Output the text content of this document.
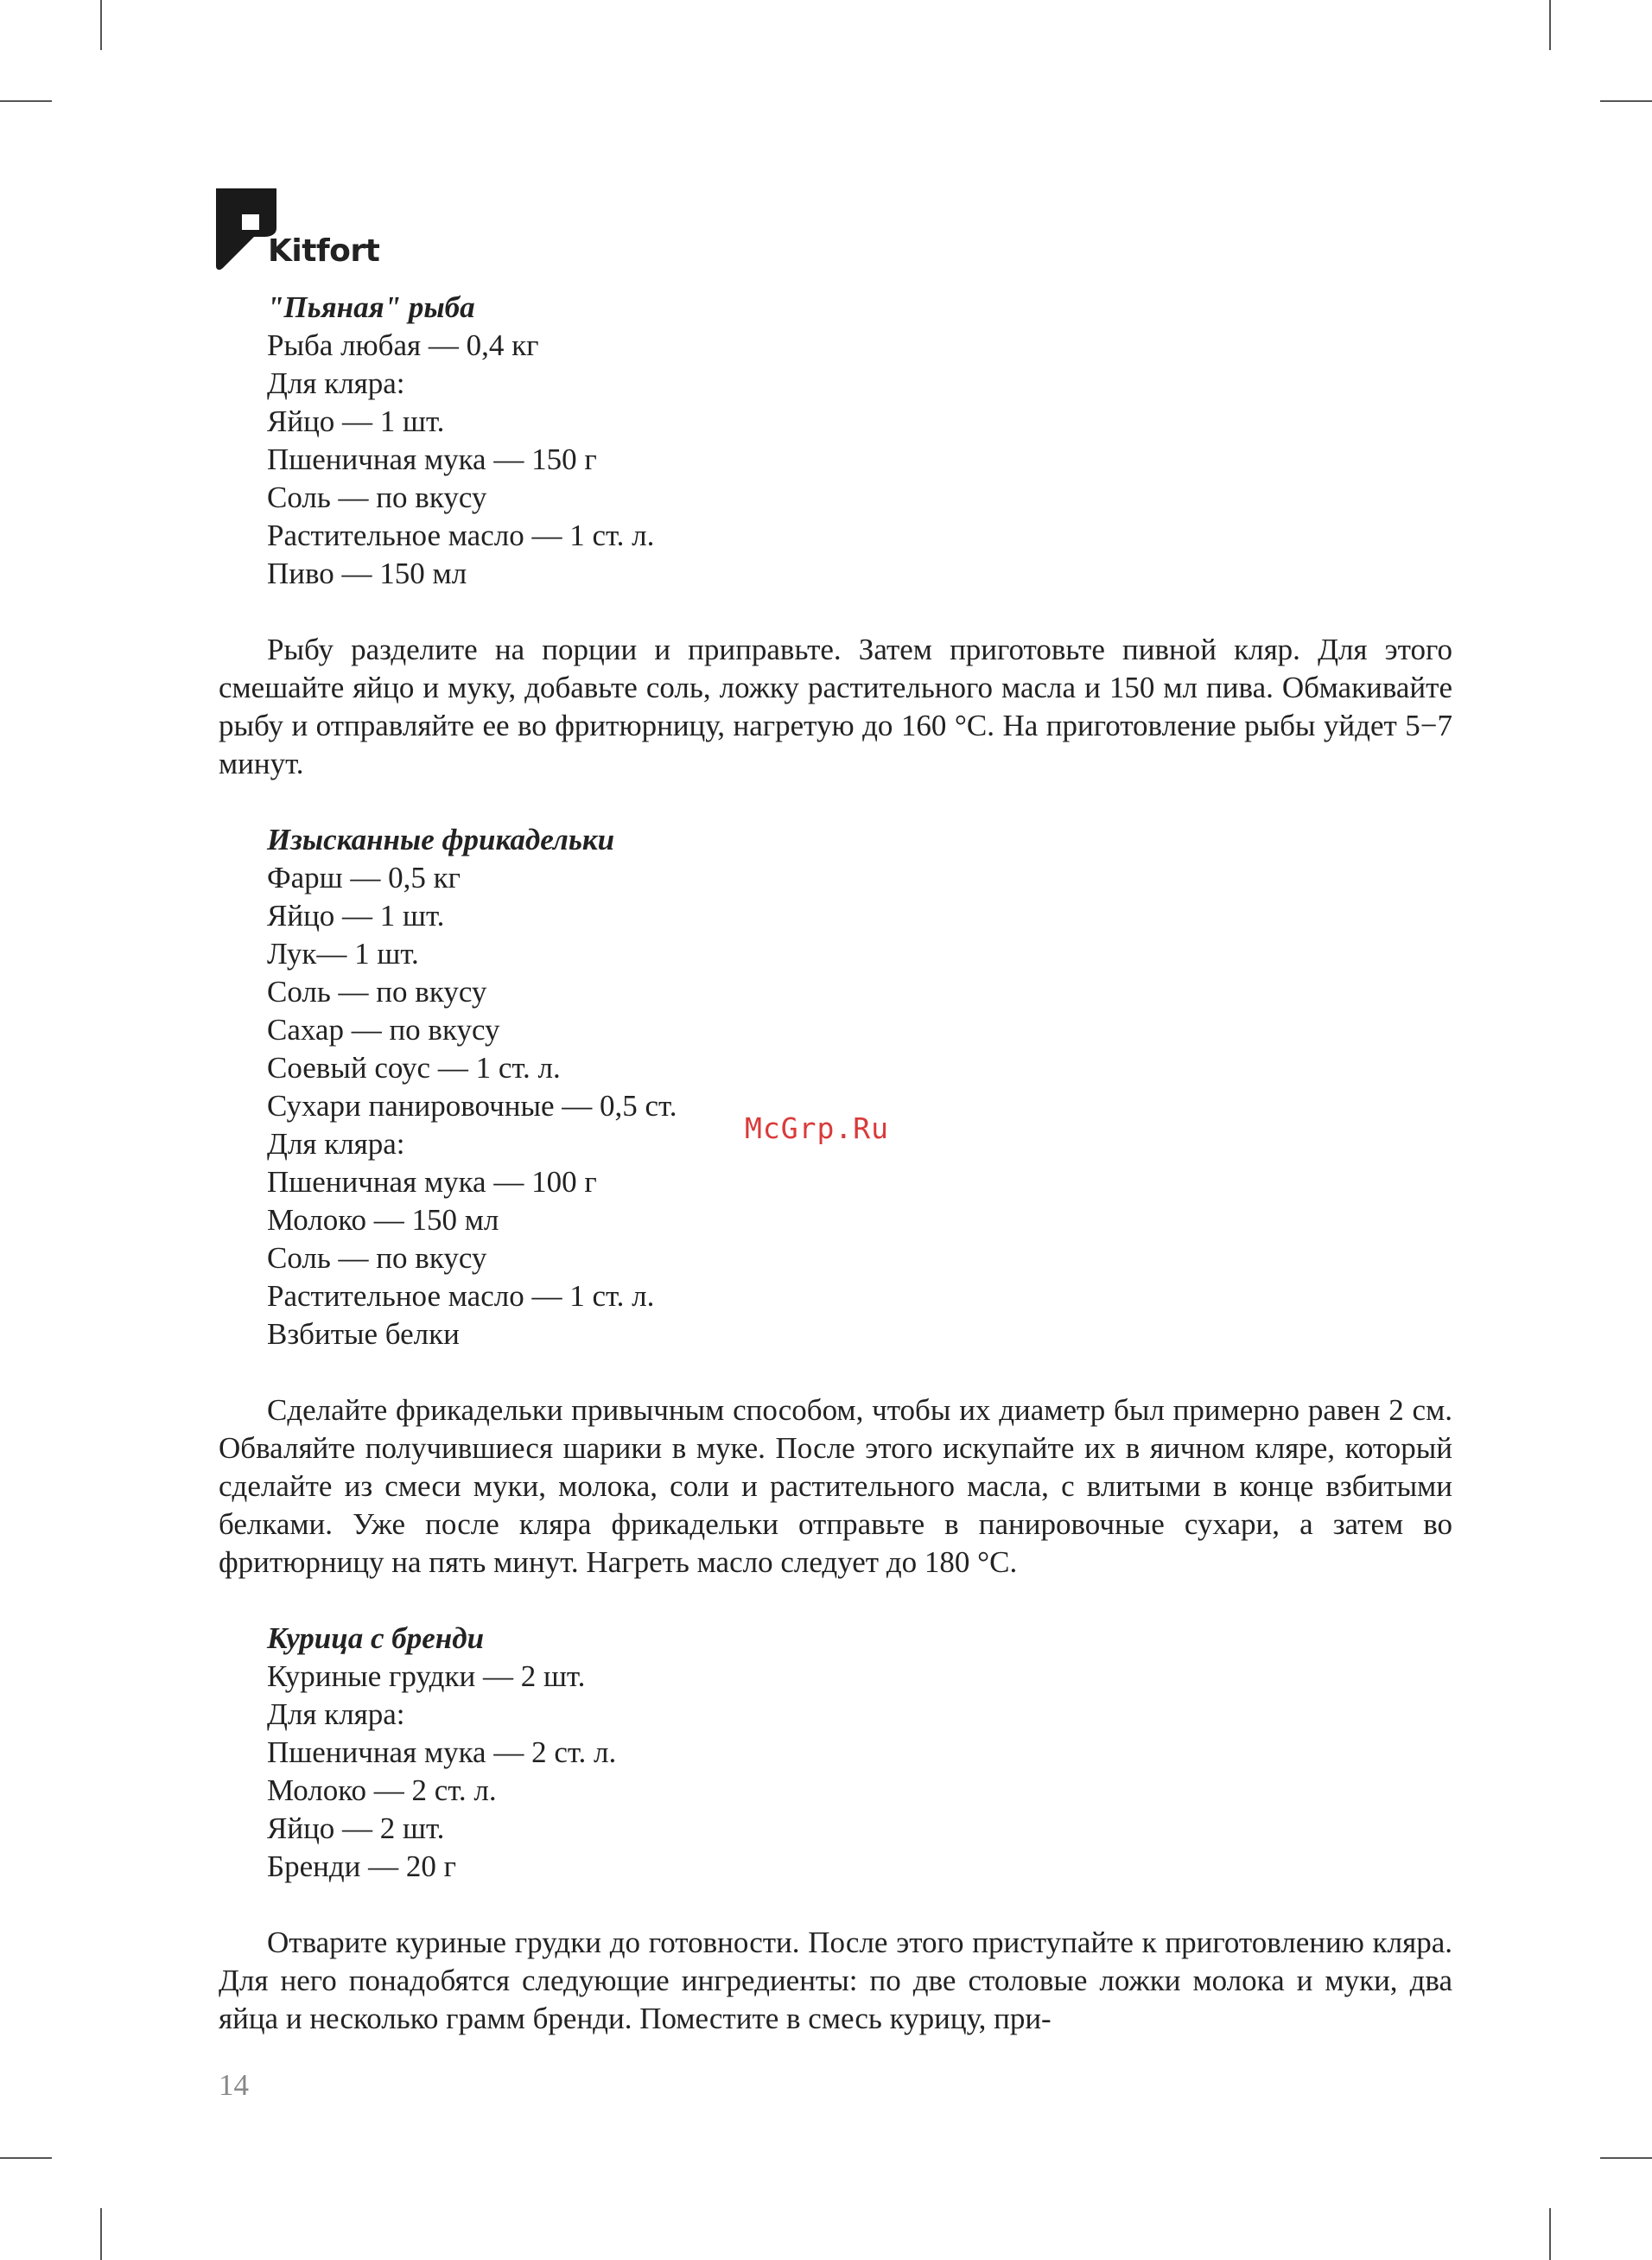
Kitfort
"Пьяная" рыба
Рыба любая — 0,4 кг
Для кляра:
Яйцо — 1 шт.
Пшеничная мука — 150 г
Соль — по вкусу
Растительное масло — 1 ст. л.
Пиво — 150 мл

Рыбу разделите на порции и приправьте. Затем приготовьте пивной кляр. Для этого смешайте яйцо и муку, добавьте соль, ложку растительного масла и 150 мл пива. Обмакивайте рыбу и отправляйте ее во фритюрницу, нагретую до 160 °С. На приготовление рыбы уйдет 5−7 минут.

Изысканные фрикадельки
Фарш — 0,5 кг
Яйцо — 1 шт.
Лук— 1 шт.
Соль — по вкусу
Сахар — по вкусу
Соевый соус — 1 ст. л.
Сухари панировочные — 0,5 ст.
Для кляра:
Пшеничная мука — 100 г
Молоко — 150 мл
Соль — по вкусу
Растительное масло — 1 ст. л.
Взбитые белки

Сделайте фрикадельки привычным способом, чтобы их диаметр был примерно равен 2 см. Обваляйте получившиеся шарики в муке. После этого искупайте их в яичном кляре, который сделайте из смеси муки, молока, соли и растительного масла, с влитыми в конце взбитыми белками. Уже после кляра фрикадельки отправьте в панировочные сухари, а затем во фритюрницу на пять минут. Нагреть масло следует до 180 °С.

Курица с бренди
Куриные грудки — 2 шт.
Для кляра:
Пшеничная мука — 2 ст. л.
Молоко — 2 ст. л.
Яйцо — 2 шт.
Бренди — 20 г

Отварите куриные грудки до готовности. После этого приступайте к приготовлению кляра. Для него понадобятся следующие ингредиенты: по две столовые ложки молока и муки, два яйца и несколько грамм бренди. Поместите в смесь курицу, при-

McGrp.Ru
14
